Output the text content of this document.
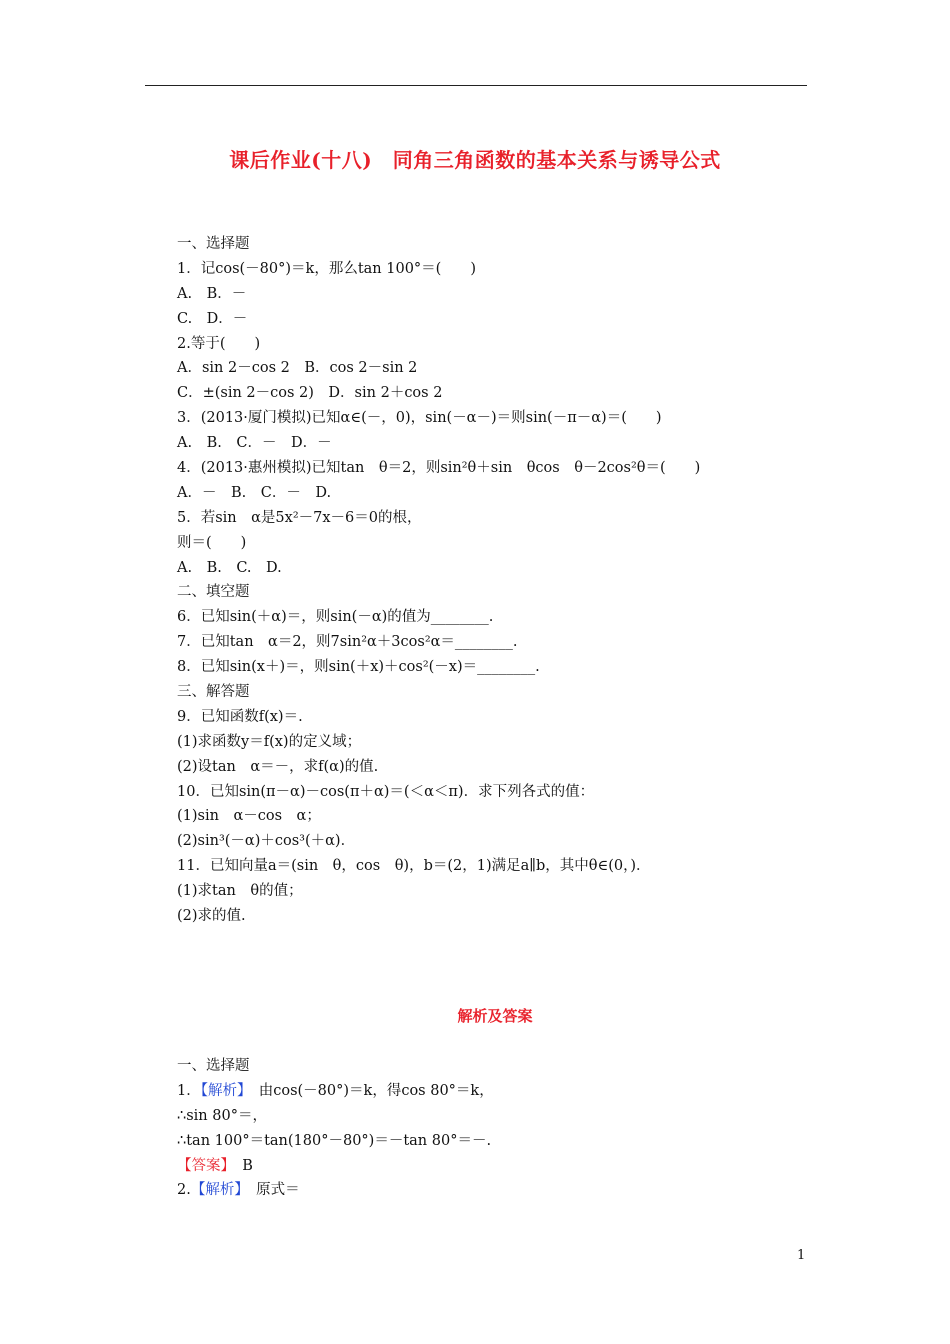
课后作业(十八)　同角三角函数的基本关系与诱导公式
一、选择题
1．记cos(－80°)＝k，那么tan 100°＝(　　)
A.　B．－
C.　D．－
2.等于(　　)
A．sin 2－cos 2　B．cos 2－sin 2
C．±(sin 2－cos 2)　D．sin 2＋cos 2
3．(2013·厦门模拟)已知α∈(－，0)，sin(－α－)＝则sin(－π－α)＝(　　)
A.　B.　C．－　D．－
4．(2013·惠州模拟)已知tan　θ＝2，则sin²θ＋sin　θcos　θ－2cos²θ＝(　　)
A．－　B.　C．－　D.
5．若sin　α是5x²－7x－6＝0的根，
则＝(　　)
A.　B.　C.　D.
二、填空题
6．已知sin(＋α)＝，则sin(－α)的值为________.
7．已知tan　α＝2，则7sin²α＋3cos²α＝________.
8．已知sin(x＋)＝，则sin(＋x)＋cos²(－x)＝________.
三、解答题
9．已知函数f(x)＝.
(1)求函数y＝f(x)的定义域；
(2)设tan　α＝－，求f(α)的值.
10．已知sin(π－α)－cos(π＋α)＝(＜α＜π)．求下列各式的值：
(1)sin　α－cos　α；
(2)sin³(－α)＋cos³(＋α)．
11．已知向量a＝(sin　θ，cos　θ)，b＝(2，1)满足a∥b，其中θ∈(0，)．
(1)求tan　θ的值；
(2)求的值.
解析及答案
一、选择题
1．【解析】　由cos(－80°)＝k，得cos 80°＝k，
∴sin 80°＝，
∴tan 100°＝tan(180°－80°)＝－tan 80°＝－.
【答案】　B
2.【解析】　原式＝
1
